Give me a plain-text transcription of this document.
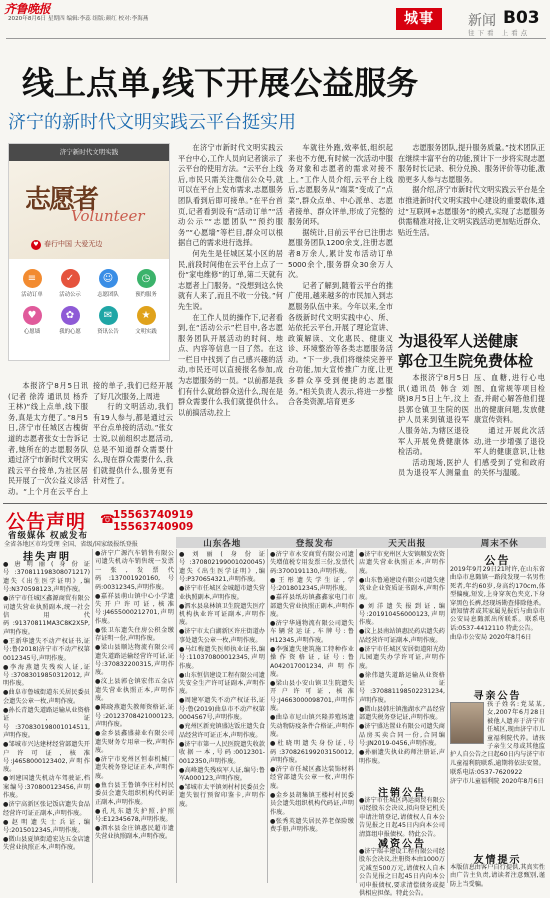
齐鲁晚报
2020年8月6日 星期四 编辑:李蕊 组版:颜红 校对:李海燕	城事	新闻 B03
往下看 上看点
线上点单,线下开展公益服务
济宁的新时代文明实践云平台挺实用
济宁新时代文明实践
志愿者
Volunteer
♥ 春行中国 大爱无边
≡
活动订单
✓
活动公示
☺
志愿团队
◷
预约服务
♥
心愿墙
✿
我的心愿
✉
资讯公告
★
文明实践

本报济宁8月5日讯(记者 徐涛 通讯员 杨乔 王林)“线上点单,线下服务,真是太方便了。”8月5日,济宁市任城区古槐街道的志愿者张女士告诉记者,她所在的志愿服务队通过济宁市新时代文明实践云平台接单,为社区居民开展了一次公益义诊活动。“上个月在云平台上接的单子,我们已经开展了好几次服务,上周进

行的文明活动,我们有19人参与,都是通过云平台点单接的活动。”张女士说,以前组织志愿活动,总是不知道群众需要什么,现在群众需要什么,我们就提供什么,服务更有针对性了。

在济宁市新时代文明实践云平台中心,工作人员向记者演示了云平台的使用方法。“云平台上线后,市民只需关注微信公众号,就可以在平台上发布需求,志愿服务团队看到后即可接单。”在平台首页,记者看到设有“活动订单”“活动公示”“志愿团队”“预约服务”“心愿墙”等栏目,群众可以根据自己的需求进行选择。

何先生是任城区某小区的居民,前段时间他在云平台上点了一份“家电维修”的订单,第二天就有志愿者上门服务。“没想到这么快就有人来了,而且不收一分钱。”何先生说。

在工作人员的操作下,记者看到,在“活动公示”栏目中,各志愿服务团队开展活动的时间、地点、内容等信息一目了然。在这一栏目中找到了自己感兴趣的活动,市民还可以直接报名参加,成为志愿服务的一员。“以前都是我们有什么就给群众送什么,现在是群众需要什么我们就提供什么。以前搞活动,拉上

车就往外跑,效率低,组织起来也不方便,有时候一次活动中服务对象和志愿者的需求对接不上。”工作人员介绍,云平台上线后,志愿服务从“端菜”变成了“点菜”,群众点单、中心派单、志愿者接单、群众评单,形成了完整的服务闭环。

据统计,目前云平台已注册志愿服务团队1200余支,注册志愿者8万余人,累计发布活动订单5000余个,服务群众30余万人次。

记者了解到,随着云平台的推广使用,越来越多的市民加入到志愿服务队伍中来。今年以来,全市各级新时代文明实践中心、所、站依托云平台,开展了理论宣讲、政策解读、文化惠民、健康义诊、环境整治等各类志愿服务活动。“下一步,我们将继续完善平台功能,加大宣传推广力度,让更多群众享受到便捷的志愿服务。”相关负责人表示,将进一步整合各类资源,培育更多

志愿服务团队,提升服务质量。”技术团队正在继续丰富平台的功能,预计下一步将实现志愿服务时长记录、积分兑换、服务评价等功能,激励更多人参与志愿服务。

据介绍,济宁市新时代文明实践云平台是全市推进新时代文明实践中心建设的重要载体,通过“互联网+志愿服务”的模式,实现了志愿服务供需精准对接,让文明实践活动更加贴近群众、贴近生活。

为退役军人送健康
郭仓卫生院免费体检

本报济宁8月5日讯(通讯员 韩含 刘晓)8月5日上午,汶上县郭仓镇卫生院的医护人员来到镇退役军人服务站,为辖区退役军人开展免费健康体检活动。

活动现场,医护人员为退役军人测量血压、血糖,进行心电图、血常规等项目检查,并耐心解答他们提出的健康问题,发放健康宣传资料。

通过开展此次活动,进一步增强了退役军人的健康意识,让他们感受到了党和政府的关怀与温暖。

公告声明
省级媒体 权威发布
☎
15563740919
15563740909
全省各地区市均受理 全国、省级/国家级报纸登报	山东各地	登报发布	天天出报	周末不休
挂失声明

●唐明丽(身份证号:370811198308071217)遗失《出生医学证明》,编号:N370598123,声明作废。

●济宁市任城区鑫源商贸有限公司遗失营业执照副本,统一社会信用代码:91370811MA3C8K2X5P,声明作废。

●王新华遗失不动产权证书,证号:鲁(2018)济宁市不动产权第0012345号,声明作废。

●李海燕遗失残疾人证,证号:37083019850312012,声明作废。

●曲阜市鲁城街道东关居民委员会遗失公章一枚,声明作废。

●孙长青遗失道路运输从业资格证,证号:370830198001014511,声明作废。

●邹城市兴达建材经营部遗失开户许可证,核准号:J4658000123402,声明作废。

●刘建国遗失机动车驾驶证,档案编号:370800123456,声明作废。

●济宁高新区张记饭店遗失食品经营许可证正副本,声明作废。

●赵明遗失士兵证,编号:2015012345,声明作废。

●微山县夏镇街道宏达五金店遗失营业执照正本,声明作废。

●济宁广源汽车销售有限公司遗失机动车销售统一发票一张,发票代码:137001920160,号码:00312345,声明作废。

●嘉祥县萌山镇中心小学遗失开户许可证,核准号:J4655000212701,声明作废。

●张卫东遗失住房公积金缴存证明一份,声明作废。

●梁山县顺达物流有限公司遗失道路运输经营许可证,证号:370832200315,声明作废。

●汶上县郭仓镇宏伟五金店遗失营业执照正本,声明作废。

●陈晓燕遗失教师资格证,证号:20123708421000123,声明作废。

●金乡县鑫盛蒜业有限公司遗失财务专用章一枚,声明作废。

●济宁市兖州区恒泰机械厂遗失税务登记证正本,声明作废。

●鱼台县王鲁镇李庄村村民委员会遗失组织机构代码证正副本,声明作废。

●孔凡东遗失护照,护照号:E12345678,声明作废。

●泗水县金庄镇惠民超市遗失营业执照副本,声明作废。

●刘丽(身份证号:370802199001020045)遗失《出生医学证明》,编号:P370654321,声明作废。

●济宁市任城区金城超市遗失营业执照副本,声明作废。

●泗水县泉林镇卫生院遗失医疗机构执业许可证副本,声明作废。

●济宁市太白湖新区许庄街道办事处遗失公章一枚,声明作废。

●马红梅遗失医师执业证书,编号:110370800012345,声明作废。

●山东恒信建设工程有限公司遗失安全生产许可证副本,声明作废。

●周建军遗失不动产权证书,证号:鲁(2019)曲阜市不动产权第0004567号,声明作废。

●兖州区新兖镇盛达饭庄遗失食品经营许可证正本,声明作废。

●济宁市第一人民医院遗失收款收据一本,号码:0012301-0012350,声明作废。

●高峰遗失残疾军人证,编号:鲁军A000123,声明作废。

●邹城市太平镇刘村村民委员会遗失银行预留印鉴卡,声明作废。

●济宁市永安商贸有限公司遗失增值税专用发票三份,发票代码:3700191130,声明作废。

●王彤遗失学生证,学号:2018012345,声明作废。

●嘉祥县纸坊镇鑫鑫家电门市部遗失营业执照正副本,声明作废。

●济宁华通物流有限公司遗失车辆营运证,车牌号:鲁H12345,声明作废。

●李强遗失建筑施工特种作业操作资格证,证号:鲁A042017001234,声明作废。

●梁山县小安山镇卫生院遗失开户许可证,核准号:J4663000098701,声明作废。

●曲阜市尼山镇兴隆养殖场遗失动物防疫条件合格证,声明作废。

●杜晓明遗失身份证,号码:370826199203150012,声明作废。

●济宁市任城区鑫达装饰材料经营部遗失公章一枚,声明作废。

●金乡县胡集镇王楼村村民委员会遗失组织机构代码证,声明作废。

●张秀英遗失居民养老保险缴费手册,声明作废。

●济宁市兖州区大安镇顺发农资店遗失营业执照正本,声明作废。

●山东鲁通建设有限公司遗失建筑业企业资质证书副本,声明作废。

●刘洋遗失报到证,编号:201910456000123,声明作废。

●汶上县南站镇惠民药店遗失药品经营许可证副本,声明作废。

●济宁市任城区安居街道阳光幼儿园遗失办学许可证,声明作废。

●徐伟遗失道路运输从业资格证,证号:370881198502231234,声明作废。

●微山县韩庄镇渔湖水产品经营部遗失税务登记证,声明作废。

●济宁盛达置业有限公司遗失商品房买卖合同一份,合同编号:JN2019-0456,声明作废。

●孙丽遗失执业药师注册证,声明作废。

注销公告

●济宁市任城区鸿运商贸有限公司经股东会决议,拟向登记机关申请注销登记,请债权人自本公告见报之日起45日内向本公司清算组申报债权。特此公告。

减资公告

●济宁瑞丰建设工程有限公司经股东会决议,注册资本由1000万元减至500万元,请债权人自本公告见报之日起45日内向本公司申报债权,要求清偿债务或提供相应担保。特此公告。

公告

2019年9月29日21时许,在山东省曲阜市息陬镇一路段发现一名男性死者,年约60岁,身高约170cm,体型偏瘦,短发,上身穿灰色夹克,下身穿黑色长裤,经现场勘查排除他杀。请知情者或其家属见报后与曲阜市公安局息陬派出所联系。联系电话:0537-4412110 特此公告。

曲阜市公安局 2020年8月6日

寻亲公告

孩子姓名:党某某,女,2007年6月28日被他人遗弃于济宁市任城区,现由济宁市儿童福利院代养。请孩子亲生父母或其他监护人自公告之日起60日内与济宁市儿童福利院联系,逾期将依法安置。

联系电话:0537-7620922

济宁市儿童福利院 2020年8月6日

友情提示

本版信息由客户自行提供,其真实性由广告主负责,请读者注意甄别,谨防上当受骗。
